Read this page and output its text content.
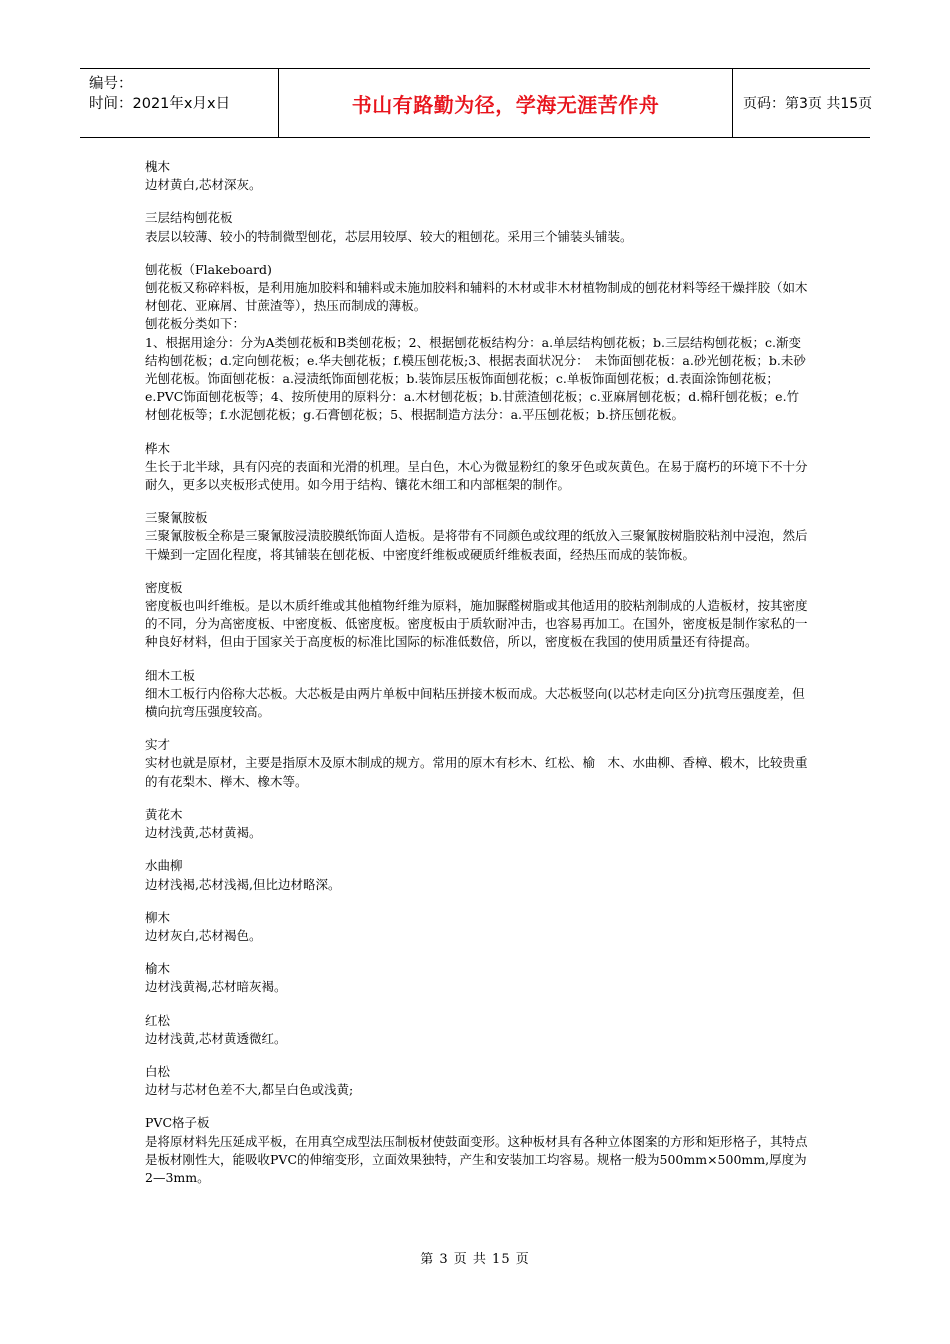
编号：
时间：2021年x月x日	书山有路勤为径，学海无涯苦作舟	页码：第3页 共15页

槐木

边材黄白,芯材深灰。

三层结构刨花板

表层以较薄、较小的特制微型刨花，芯层用较厚、较大的粗刨花。采用三个铺装头铺装。

刨花板（Flakeboard)

刨花板又称碎料板，是利用施加胶料和辅料或未施加胶料和辅料的木材或非木材植物制成的刨花材料等经干燥拌胶（如木材刨花、亚麻屑、甘蔗渣等），热压而制成的薄板。

刨花板分类如下：

1、根据用途分：分为A类刨花板和B类刨花板；2、根据刨花板结构分：a.单层结构刨花板；b.三层结构刨花板；c.渐变结构刨花板；d.定向刨花板；e.华夫刨花板；f.模压刨花板;3、根据表面状况分：　未饰面刨花板：a.砂光刨花板；b.未砂光刨花板。饰面刨花板：a.浸渍纸饰面刨花板；b.装饰层压板饰面刨花板；c.单板饰面刨花板；d.表面涂饰刨花板；e.PVC饰面刨花板等；4、按所使用的原料分：a.木材刨花板；b.甘蔗渣刨花板；c.亚麻屑刨花板；d.棉秆刨花板；e.竹材刨花板等；f.水泥刨花板；g.石膏刨花板；5、根据制造方法分：a.平压刨花板；b.挤压刨花板。

桦木

生长于北半球，具有闪亮的表面和光滑的机理。呈白色，木心为微显粉红的象牙色或灰黄色。在易于腐朽的环境下不十分耐久，更多以夹板形式使用。如今用于结构、镶花木细工和内部框架的制作。

三聚氰胺板

三聚氰胺板全称是三聚氰胺浸渍胶膜纸饰面人造板。是将带有不同颜色或纹理的纸放入三聚氰胺树脂胶粘剂中浸泡，然后干燥到一定固化程度，将其铺装在刨花板、中密度纤维板或硬质纤维板表面，经热压而成的装饰板。

密度板

密度板也叫纤维板。是以木质纤维或其他植物纤维为原料，施加脲醛树脂或其他适用的胶粘剂制成的人造板材，按其密度的不同，分为高密度板、中密度板、低密度板。密度板由于质软耐冲击，也容易再加工。在国外，密度板是制作家私的一种良好材料，但由于国家关于高度板的标准比国际的标准低数倍，所以，密度板在我国的使用质量还有待提高。

细木工板

细木工板行内俗称大芯板。大芯板是由两片单板中间粘压拼接木板而成。大芯板竖向(以芯材走向区分)抗弯压强度差，但横向抗弯压强度较高。

实才

实材也就是原材，主要是指原木及原木制成的规方。常用的原木有杉木、红松、榆　木、水曲柳、香樟、椴木，比较贵重的有花梨木、榉木、橡木等。

黄花木

边材浅黄,芯材黄褐。

水曲柳

边材浅褐,芯材浅褐,但比边材略深。

柳木

边材灰白,芯材褐色。

榆木

边材浅黄褐,芯材暗灰褐。

红松

边材浅黄,芯材黄透微红。

白松

边材与芯材色差不大,都呈白色或浅黄;

PVC格子板

是将原材料先压延成平板，在用真空成型法压制板材使鼓面变形。这种板材具有各种立体图案的方形和矩形格子，其特点是板材刚性大，能吸收PVC的伸缩变形，立面效果独特，产生和安装加工均容易。规格一般为500mm×500mm,厚度为2—3mm。

第 3 页 共 15 页
